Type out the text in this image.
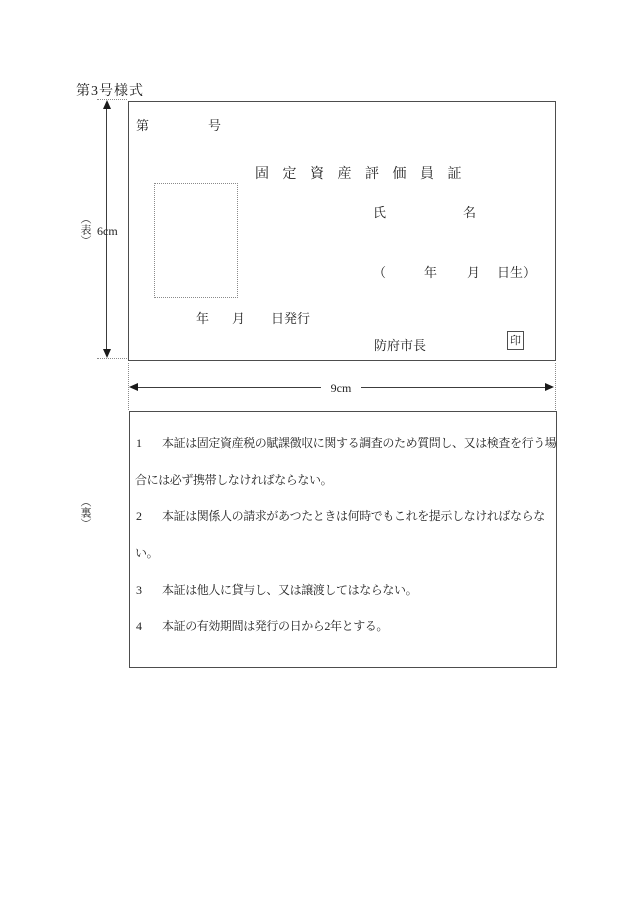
第3号様式
（表） 6cm
第	号
固定資産評価員証
氏	名
（	年 月 日生）
年 月 日発行
防府市長	印
9cm
（裏）
1 本証は固定資産税の賦課徴収に関する調査のため質問し、又は検査を行う場
合には必ず携帯しなければならない。
2 本証は関係人の請求があつたときは何時でもこれを提示しなければならな
い。
3 本証は他人に貸与し、又は譲渡してはならない。
4 本証の有効期間は発行の日から2年とする。
